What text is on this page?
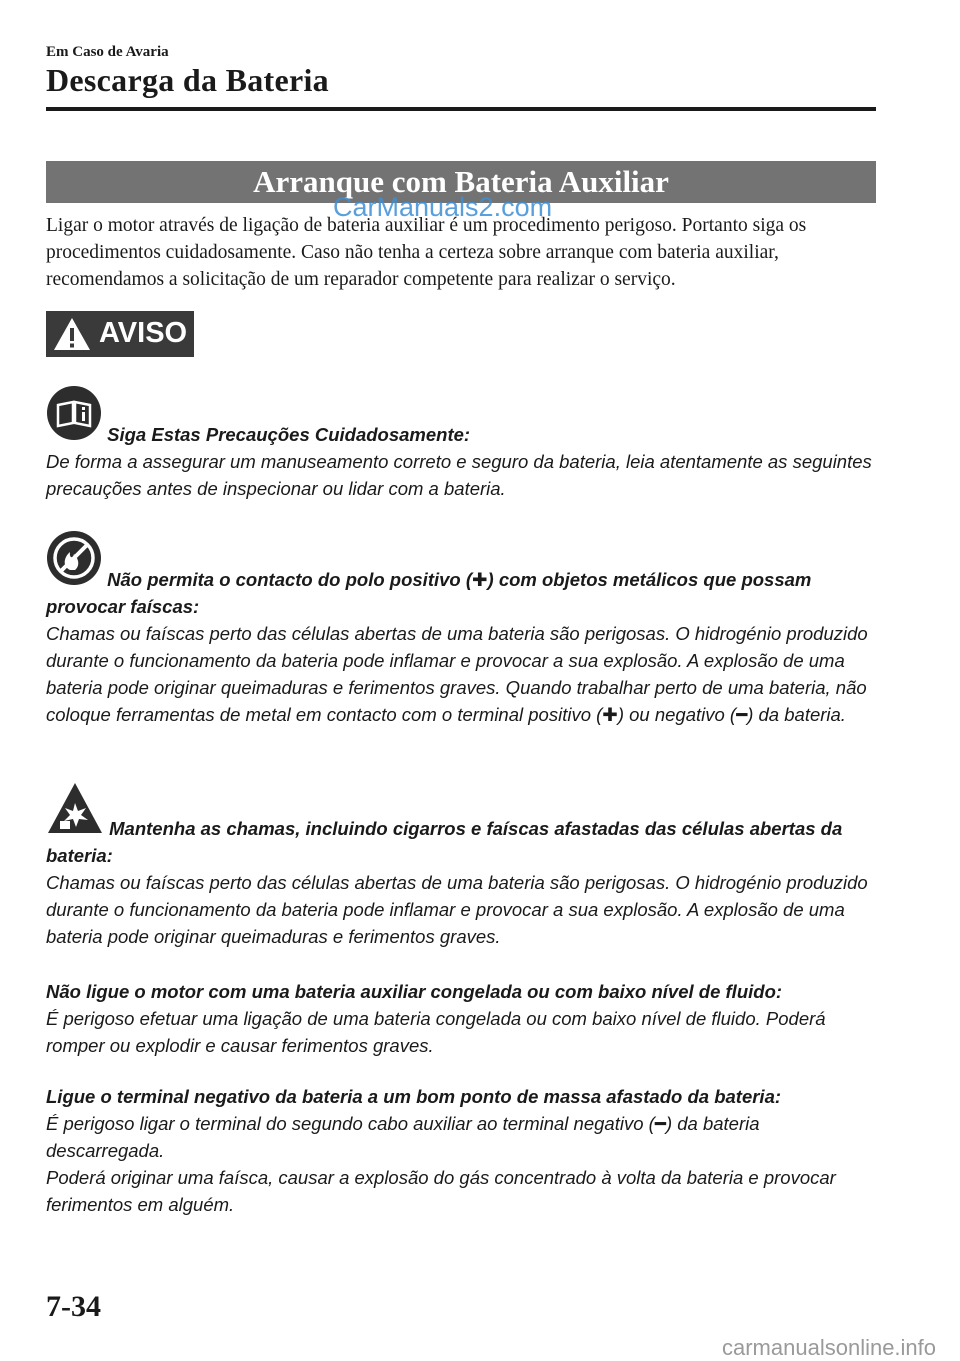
Em Caso de Avaria
Descarga da Bateria
Arranque com Bateria Auxiliar
CarManuals2.com

Ligar o motor através de ligação de bateria auxiliar é um procedimento perigoso. Portanto siga os procedimentos cuidadosamente. Caso não tenha a certeza sobre arranque com bateria auxiliar, recomendamos a solicitação de um reparador competente para realizar o serviço.

AVISO
Siga Estas Precauções Cuidadosamente:
De forma a assegurar um manuseamento correto e seguro da bateria, leia atentamente as seguintes precauções antes de inspecionar ou lidar com a bateria.
Não permita o contacto do polo positivo (✚) com objetos metálicos que possam provocar faíscas:
Chamas ou faíscas perto das células abertas de uma bateria são perigosas. O hidrogénio produzido durante o funcionamento da bateria pode inflamar e provocar a sua explosão. A explosão de uma bateria pode originar queimaduras e ferimentos graves. Quando trabalhar perto de uma bateria, não coloque ferramentas de metal em contacto com o terminal positivo (✚) ou negativo (━) da bateria.
Mantenha as chamas, incluindo cigarros e faíscas afastadas das células abertas da bateria:
Chamas ou faíscas perto das células abertas de uma bateria são perigosas. O hidrogénio produzido durante o funcionamento da bateria pode inflamar e provocar a sua explosão. A explosão de uma bateria pode originar queimaduras e ferimentos graves.
Não ligue o motor com uma bateria auxiliar congelada ou com baixo nível de fluido:
É perigoso efetuar uma ligação de uma bateria congelada ou com baixo nível de fluido. Poderá romper ou explodir e causar ferimentos graves.
Ligue o terminal negativo da bateria a um bom ponto de massa afastado da bateria:
É perigoso ligar o terminal do segundo cabo auxiliar ao terminal negativo (━) da bateria descarregada.
Poderá originar uma faísca, causar a explosão do gás concentrado à volta da bateria e provocar ferimentos em alguém.
7-34
carmanualsonline.info
